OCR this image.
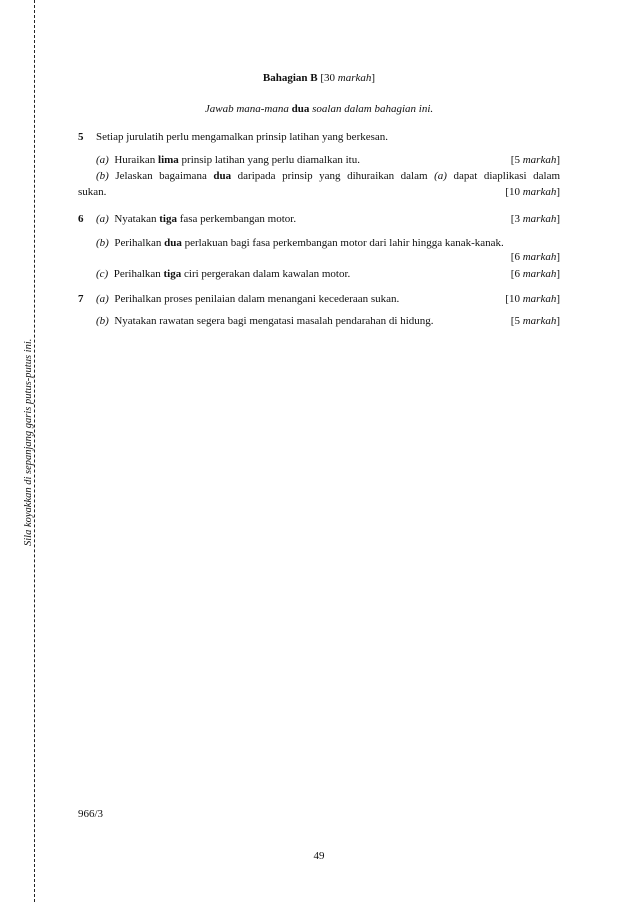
Sila koyakkan di sepanjang garis putus-putus ini.
Bahagian B [30 markah]
Jawab mana-mana dua soalan dalam bahagian ini.
5 Setiap jurulatih perlu mengamalkan prinsip latihan yang berkesan.
(a) Huraikan lima prinsip latihan yang perlu diamalkan itu.	[5 markah]
(b) Jelaskan bagaimana dua daripada prinsip yang dihuraikan dalam (a) dapat diaplikasi dalam
sukan.	[10 markah]
6 (a) Nyatakan tiga fasa perkembangan motor.	[3 markah]
(b) Perihalkan dua perlakuan bagi fasa perkembangan motor dari lahir hingga kanak-kanak.
[6 markah]
(c) Perihalkan tiga ciri pergerakan dalam kawalan motor.	[6 markah]
7 (a) Perihalkan proses penilaian dalam menangani kecederaan sukan.	[10 markah]
(b) Nyatakan rawatan segera bagi mengatasi masalah pendarahan di hidung.	[5 markah]
966/3
49
